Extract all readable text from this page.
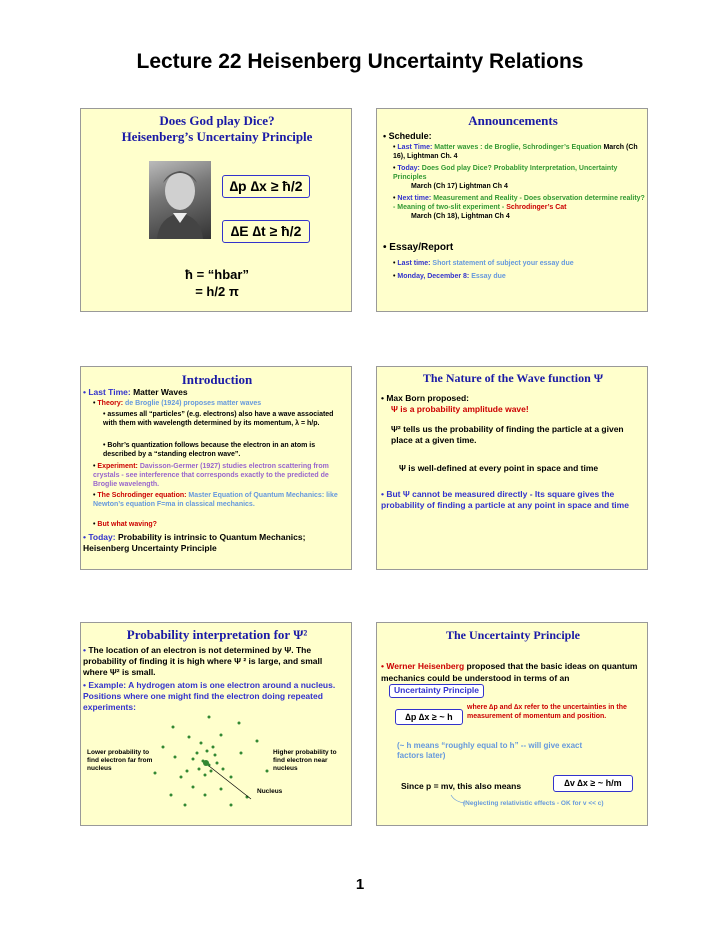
Lecture 22 Heisenberg Uncertainty Relations
Does God play Dice?
Heisenberg’s Uncertainy Principle
∆p ∆x ≥ ħ/2
∆E ∆t ≥ ħ/2
ħ = “hbar”
= h/2 π
Announcements
• Schedule:
• Last Time: Matter waves : de Broglie, Schrodinger’s Equation March (Ch 16), Lightman Ch. 4
• Today: Does God play Dice? Probablity Interpretation, Uncertainty Principles
March (Ch 17) Lightman Ch 4
• Next time: Measurement and Reality - Does observation determine reality? - Meaning of two-slit experiment - Schrodinger’s Cat
March (Ch 18), Lightman Ch 4
• Essay/Report
• Last time: Short statement of subject your essay due
• Monday, December 8: Essay due
Introduction
• Last Time: Matter Waves
• Theory: de Broglie (1924) proposes matter waves
• assumes all “particles” (e.g. electrons) also have a wave associated with them with wavelength determined by its momentum, λ = h/p.
• Bohr’s quantization follows because the electron in an atom is described by a “standing electron wave”.
• Experiment: Davisson-Germer (1927) studies electron scattering from crystals - see interference that corresponds exactly to the predicted de Broglie wavelength.
• The Schrodinger equation: Master Equation of Quantum Mechanics: like Newton’s equation F=ma in classical mechanics.
• But what waving?
• Today: Probability is intrinsic to Quantum Mechanics; Heisenberg Uncertainty Principle
The Nature of the Wave function Ψ
• Max Born proposed:
Ψ is a probability amplitude wave!
Ψ² tells us the probability of finding the particle at a given place at a given time.
Ψ is well-defined at every point in space and time
• But Ψ cannot be measured directly - Its square gives the probability of finding a particle at any point in space and time
Probability interpretation for Ψ²
• The location of an electron is not determined by Ψ. The probability of finding it is high where Ψ ² is large, and small where Ψ² is small.
• Example: A hydrogen atom is one electron around a nucleus. Positions where one might find the electron doing repeated experiments:
Lower probability to find electron far from nucleus
Higher probability to find electron near nucleus
Nucleus
The Uncertainty Principle
• Werner Heisenberg proposed that the basic ideas on quantum mechanics could be understood in terms of an Uncertainty Principle
∆p ∆x ≥ ~ h
where ∆p and ∆x refer to the uncertainties in the measurement of momentum and position.
(~ h means “roughly equal to h” -- will give exact factors later)
Since p = mv, this also means	∆v ∆x ≥ ~ h/m
(Neglecting relativistic effects - OK for v << c)
1
